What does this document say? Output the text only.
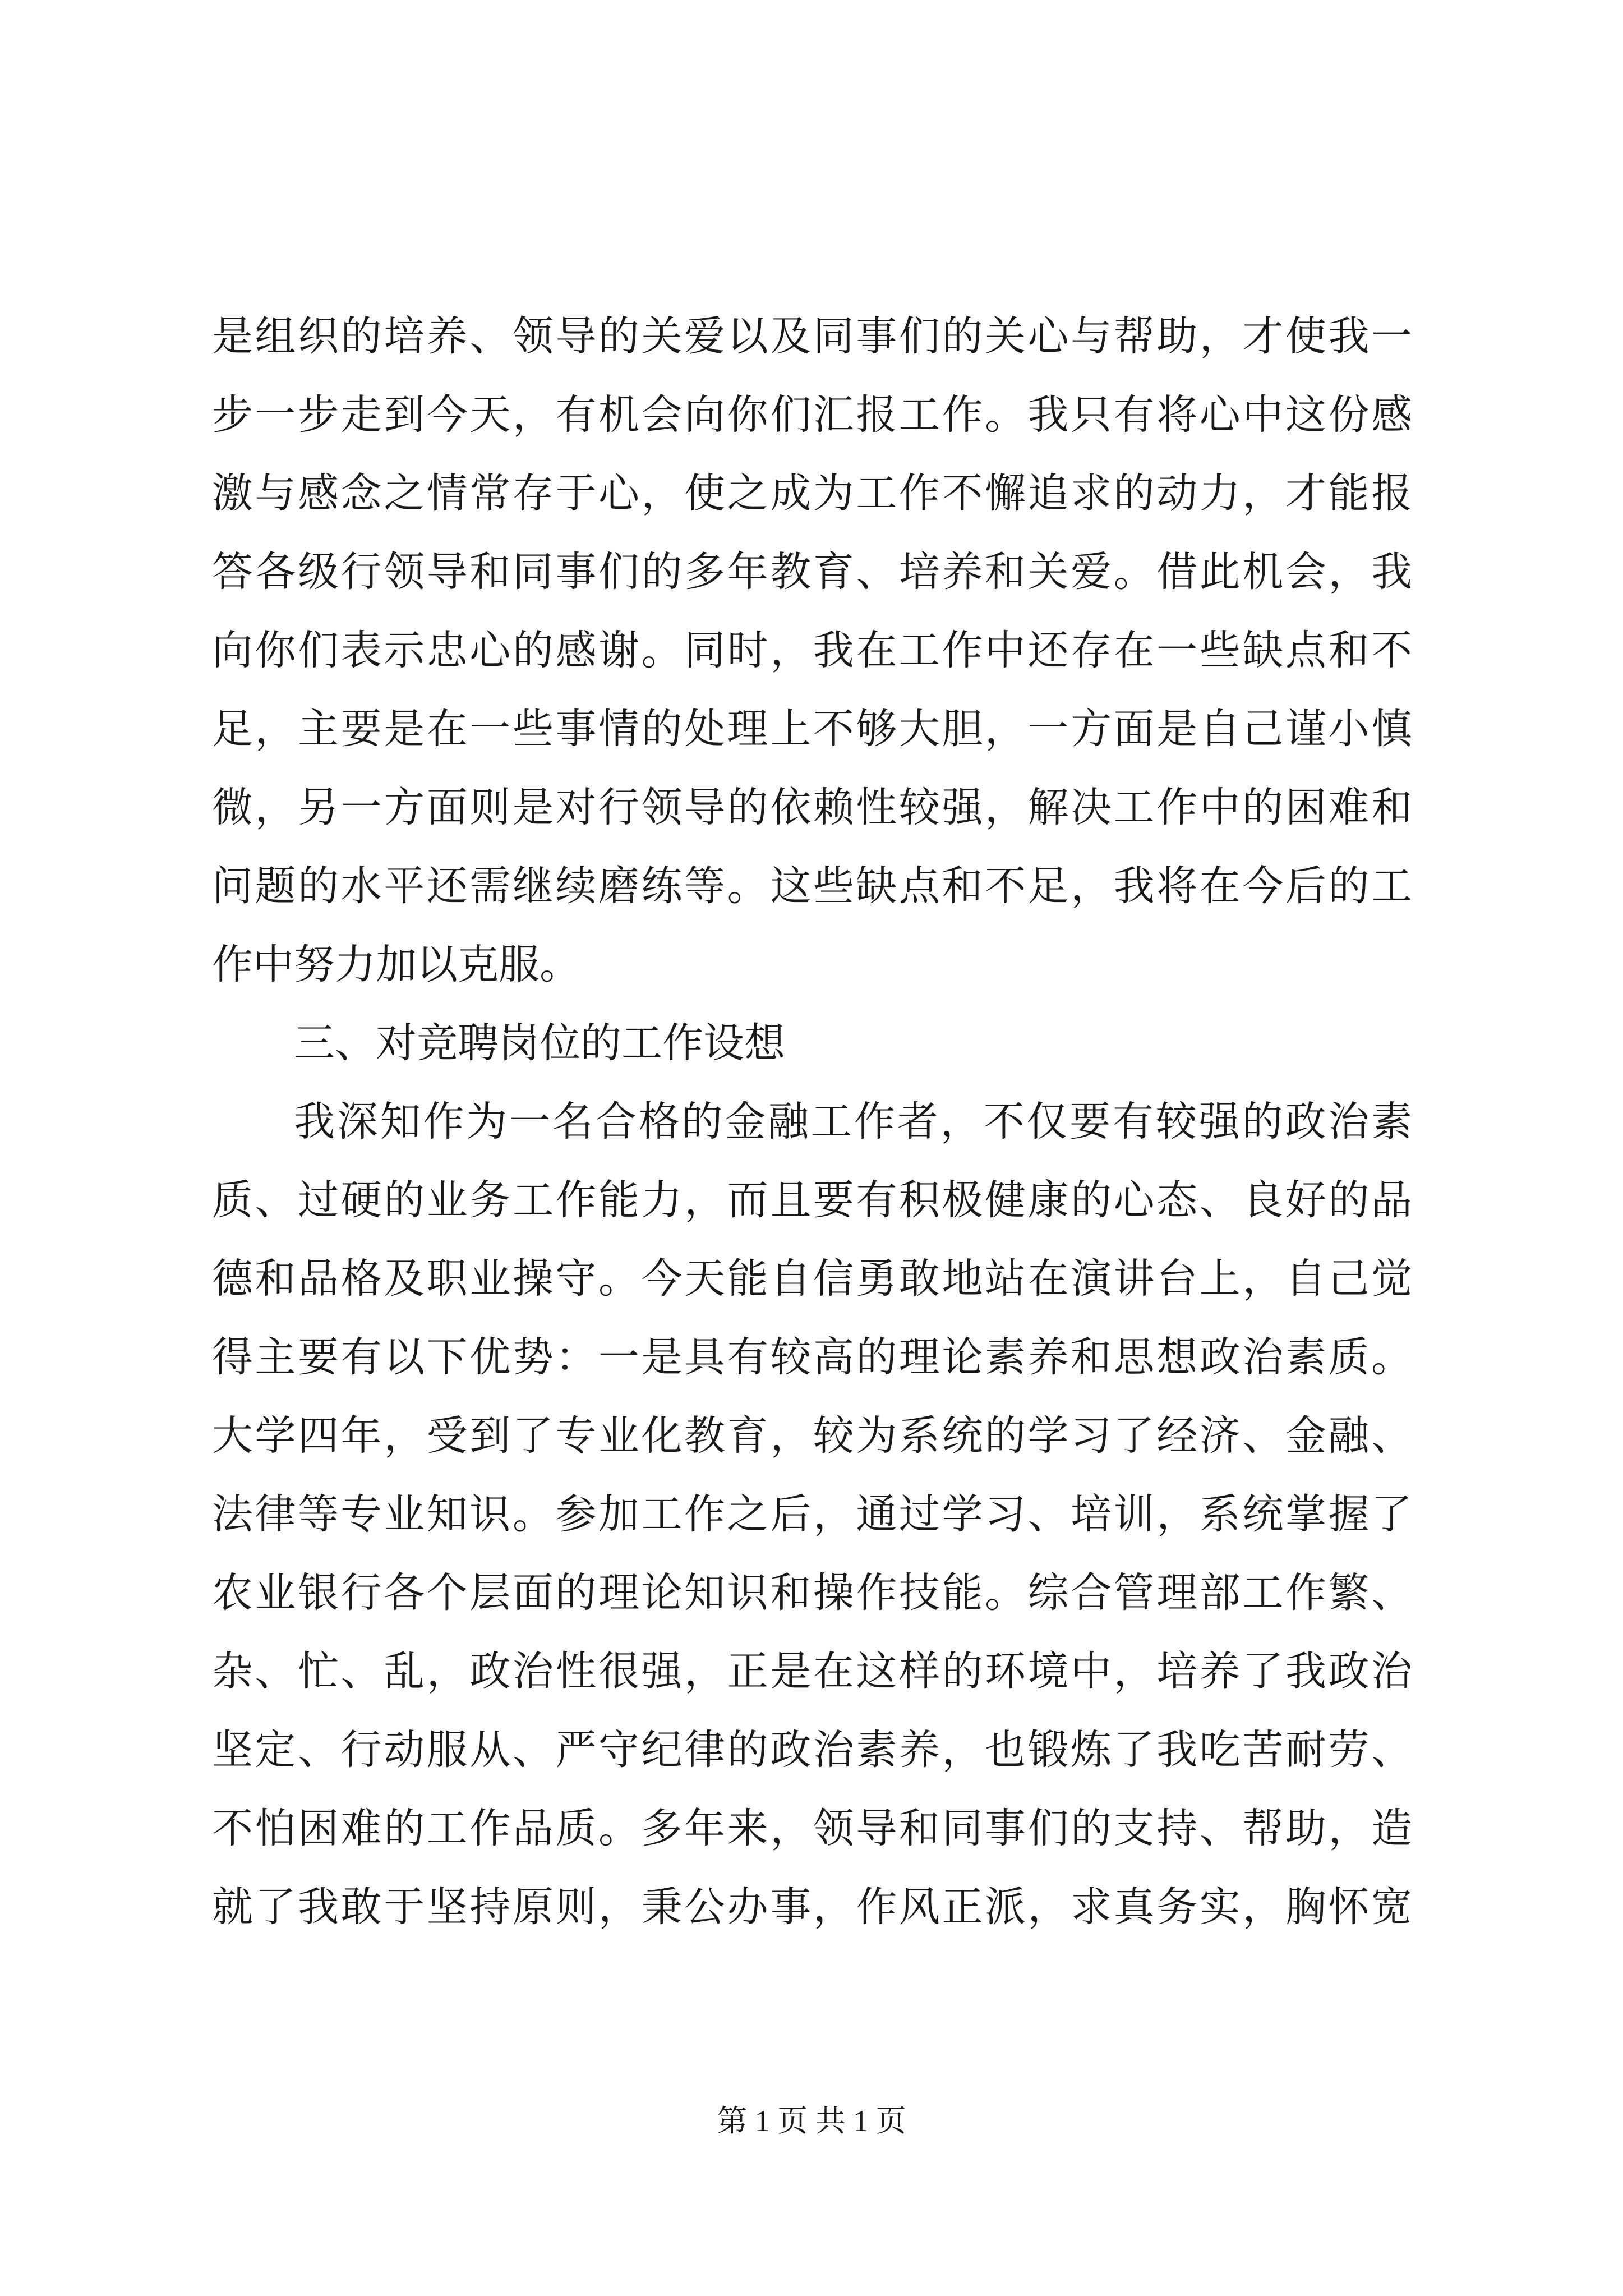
是组织的培养、领导的关爱以及同事们的关心与帮助，才使我一
步一步走到今天，有机会向你们汇报工作。我只有将心中这份感
激与感念之情常存于心，使之成为工作不懈追求的动力，才能报
答各级行领导和同事们的多年教育、培养和关爱。借此机会，我
向你们表示忠心的感谢。同时，我在工作中还存在一些缺点和不
足，主要是在一些事情的处理上不够大胆，一方面是自己谨小慎
微，另一方面则是对行领导的依赖性较强，解决工作中的困难和
问题的水平还需继续磨练等。这些缺点和不足，我将在今后的工
作中努力加以克服。
三、对竞聘岗位的工作设想
我深知作为一名合格的金融工作者，不仅要有较强的政治素
质、过硬的业务工作能力，而且要有积极健康的心态、良好的品
德和品格及职业操守。今天能自信勇敢地站在演讲台上，自己觉
得主要有以下优势：一是具有较高的理论素养和思想政治素质。
大学四年，受到了专业化教育，较为系统的学习了经济、金融、
法律等专业知识。参加工作之后，通过学习、培训，系统掌握了
农业银行各个层面的理论知识和操作技能。综合管理部工作繁、
杂、忙、乱，政治性很强，正是在这样的环境中，培养了我政治
坚定、行动服从、严守纪律的政治素养，也锻炼了我吃苦耐劳、
不怕困难的工作品质。多年来，领导和同事们的支持、帮助，造
就了我敢于坚持原则，秉公办事，作风正派，求真务实，胸怀宽
第 1 页 共 1 页
